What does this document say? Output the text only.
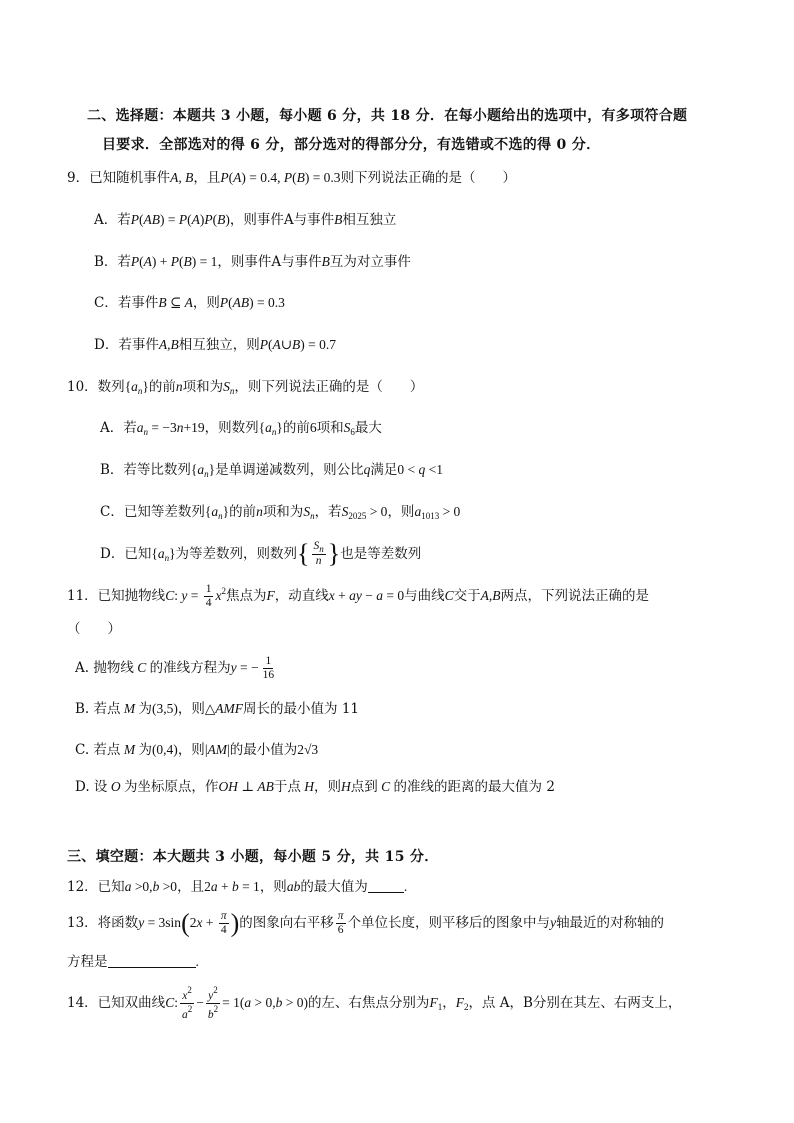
二、选择题：本题共 3 小题，每小题 6 分，共 18 分．在每小题给出的选项中，有多项符合题
目要求．全部选对的得 6 分，部分选对的得部分分，有选错或不选的得 0 分．
9．已知随机事件A, B，且P(A) = 0.4, P(B) = 0.3则下列说法正确的是（　　）
A．若P(AB) = P(A)P(B)，则事件A与事件B相互独立
B．若P(A) + P(B) = 1，则事件A与事件B互为对立事件
C．若事件B ⊆ A，则P(AB) = 0.3
D．若事件A,B相互独立，则P(A∪B) = 0.7
10．数列$\{a_n\}$的前n项和为$S_n$，则下列说法正确的是（　　）
A．若$a_n = -3n+19$，则数列$\{a_n\}$的前6项和$S_6$最大
B．若等比数列$\{a_n\}$是单调递减数列，则公比q满足0 < q <1
C．已知等差数列$\{a_n\}$的前n项和为$S_n$，若$S_{2025} > 0$，则$a_{1013} > 0$
D．已知$\{a_n\}$为等差数列，则数列{ $\frac{S_n}{n}$ }也是等差数列
11．已知抛物线C: $y = \frac{1}{4} x^2$焦点为F，动直线x + ay − a = 0与曲线C交于A,B两点，下列说法正确的是
（　　）
A. 抛物线 C 的准线方程为y = − $\frac{1}{16}$
B. 若点 M 为(3,5)，则△AMF周长的最小值为 11
C. 若点 M 为(0,4)，则|AM|的最小值为2√3
D. 设 O 为坐标原点，作OH ⊥ AB于点 H，则H点到 C 的准线的距离的最大值为 2
三、填空题：本大题共 3 小题，每小题 5 分，共 15 分．
12．已知a >0,b >0，且2a + b = 1，则ab的最大值为	.
13．将函数$y = 3\sin(2x + \frac{\pi}{4}$ )的图象向右平移 $\frac{\pi}{6}$ 个单位长度，则平移后的图象中与y轴最近的对称轴的
方程是	.
14．已知双曲线C: $\frac{x^2}{a^2} - \frac{y^2}{b^2} = 1(a > 0,b > 0)$的左、右焦点分别为$F_1$，$F_2$，点 A，B分别在其左、右两支上，
